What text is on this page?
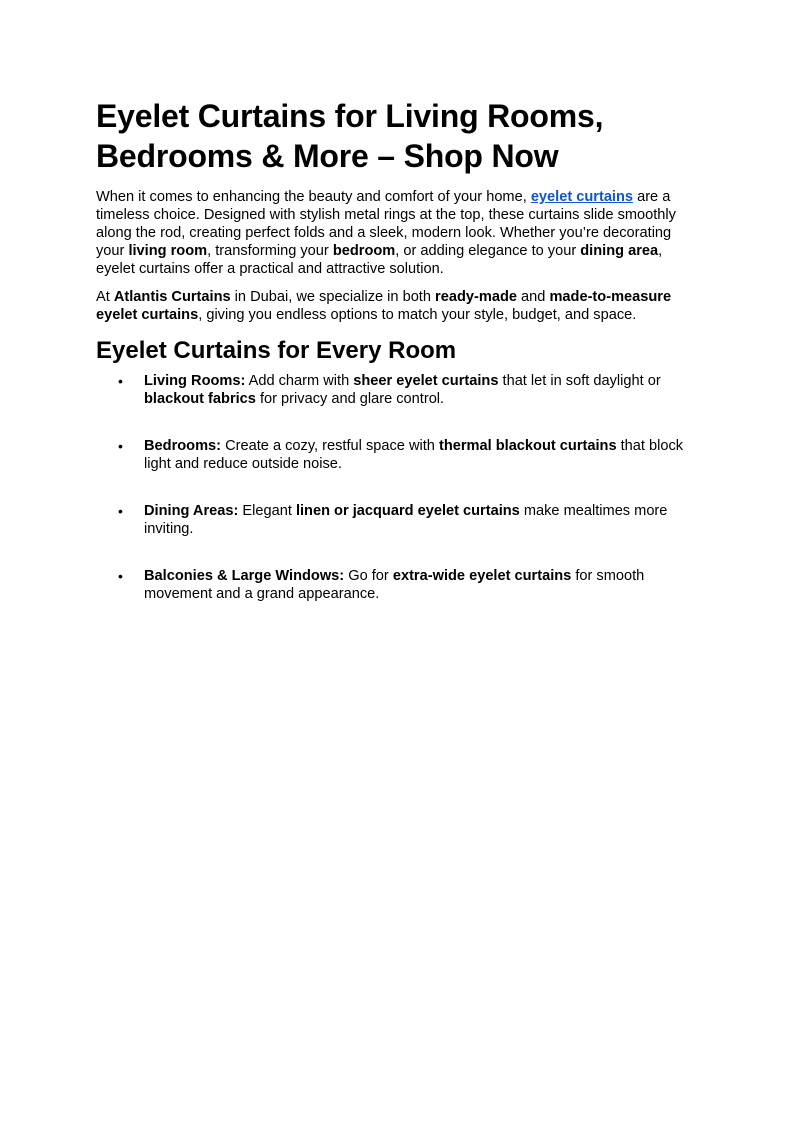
Eyelet Curtains for Living Rooms,
Bedrooms & More – Shop Now

When it comes to enhancing the beauty and comfort of your home, eyelet curtains are a timeless choice. Designed with stylish metal rings at the top, these curtains slide smoothly along the rod, creating perfect folds and a sleek, modern look. Whether you’re decorating your living room, transforming your bedroom, or adding elegance to your dining area, eyelet curtains offer a practical and attractive solution.

At Atlantis Curtains in Dubai, we specialize in both ready-made and made-to-measure eyelet curtains, giving you endless options to match your style, budget, and space.

Eyelet Curtains for Every Room
• Living Rooms: Add charm with sheer eyelet curtains that let in soft daylight or blackout fabrics for privacy and glare control.
• Bedrooms: Create a cozy, restful space with thermal blackout curtains that block light and reduce outside noise.
• Dining Areas: Elegant linen or jacquard eyelet curtains make mealtimes more inviting.
• Balconies & Large Windows: Go for extra-wide eyelet curtains for smooth movement and a grand appearance.
